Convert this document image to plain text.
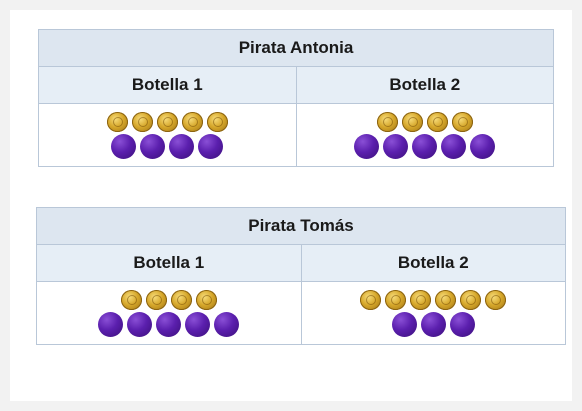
Pirata Antonia	
Botella 1	Botella 2

Pirata Tomás	
Botella 1	Botella 2
